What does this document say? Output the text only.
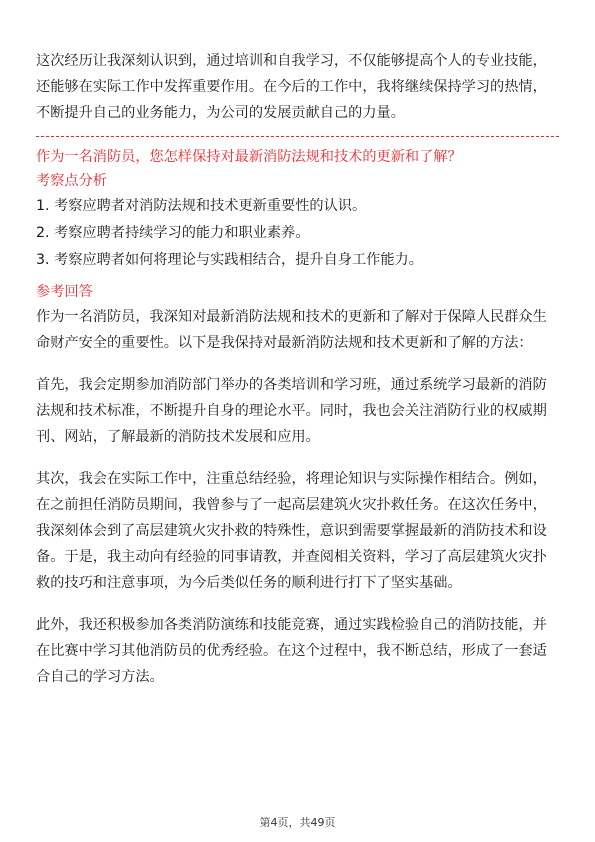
这次经历让我深刻认识到，通过培训和自我学习，不仅能够提高个人的专业技能，

还能够在实际工作中发挥重要作用。在今后的工作中，我将继续保持学习的热情，

不断提升自己的业务能力，为公司的发展贡献自己的力量。

作为一名消防员，您怎样保持对最新消防法规和技术的更新和了解？

考察点分析

1. 考察应聘者对消防法规和技术更新重要性的认识。

2. 考察应聘者持续学习的能力和职业素养。

3. 考察应聘者如何将理论与实践相结合，提升自身工作能力。

参考回答

作为一名消防员，我深知对最新消防法规和技术的更新和了解对于保障人民群众生

命财产安全的重要性。以下是我保持对最新消防法规和技术更新和了解的方法：

首先，我会定期参加消防部门举办的各类培训和学习班，通过系统学习最新的消防

法规和技术标准，不断提升自身的理论水平。同时，我也会关注消防行业的权威期

刊、网站，了解最新的消防技术发展和应用。

其次，我会在实际工作中，注重总结经验，将理论知识与实际操作相结合。例如，

在之前担任消防员期间，我曾参与了一起高层建筑火灾扑救任务。在这次任务中，

我深刻体会到了高层建筑火灾扑救的特殊性，意识到需要掌握最新的消防技术和设

备。于是，我主动向有经验的同事请教，并查阅相关资料，学习了高层建筑火灾扑

救的技巧和注意事项，为今后类似任务的顺利进行打下了坚实基础。

此外，我还积极参加各类消防演练和技能竞赛，通过实践检验自己的消防技能，并

在比赛中学习其他消防员的优秀经验。在这个过程中，我不断总结，形成了一套适

合自己的学习方法。

第4页，共49页
